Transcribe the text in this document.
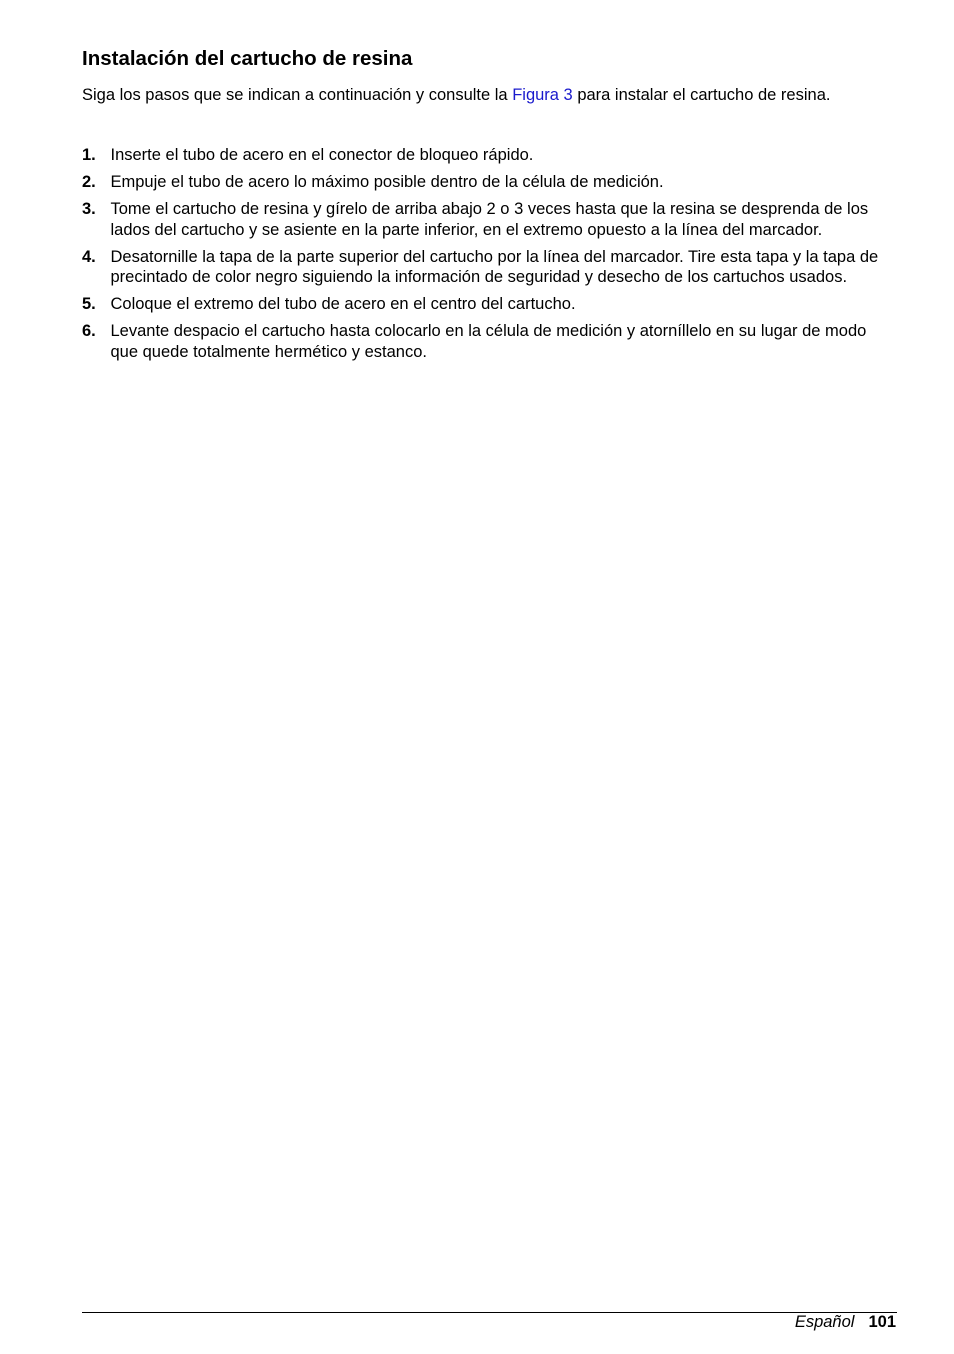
Instalación del cartucho de resina

Siga los pasos que se indican a continuación y consulte la Figura 3 para instalar el cartucho de resina.

1. Inserte el tubo de acero en el conector de bloqueo rápido.
2. Empuje el tubo de acero lo máximo posible dentro de la célula de medición.
3. Tome el cartucho de resina y gírelo de arriba abajo 2 o 3 veces hasta que la resina se desprenda de los lados del cartucho y se asiente en la parte inferior, en el extremo opuesto a la línea del marcador.
4. Desatornille la tapa de la parte superior del cartucho por la línea del marcador. Tire esta tapa y la tapa de precintado de color negro siguiendo la información de seguridad y desecho de los cartuchos usados.
5. Coloque el extremo del tubo de acero en el centro del cartucho.
6. Levante despacio el cartucho hasta colocarlo en la célula de medición y atorníllelo en su lugar de modo que quede totalmente hermético y estanco.
Español 101
